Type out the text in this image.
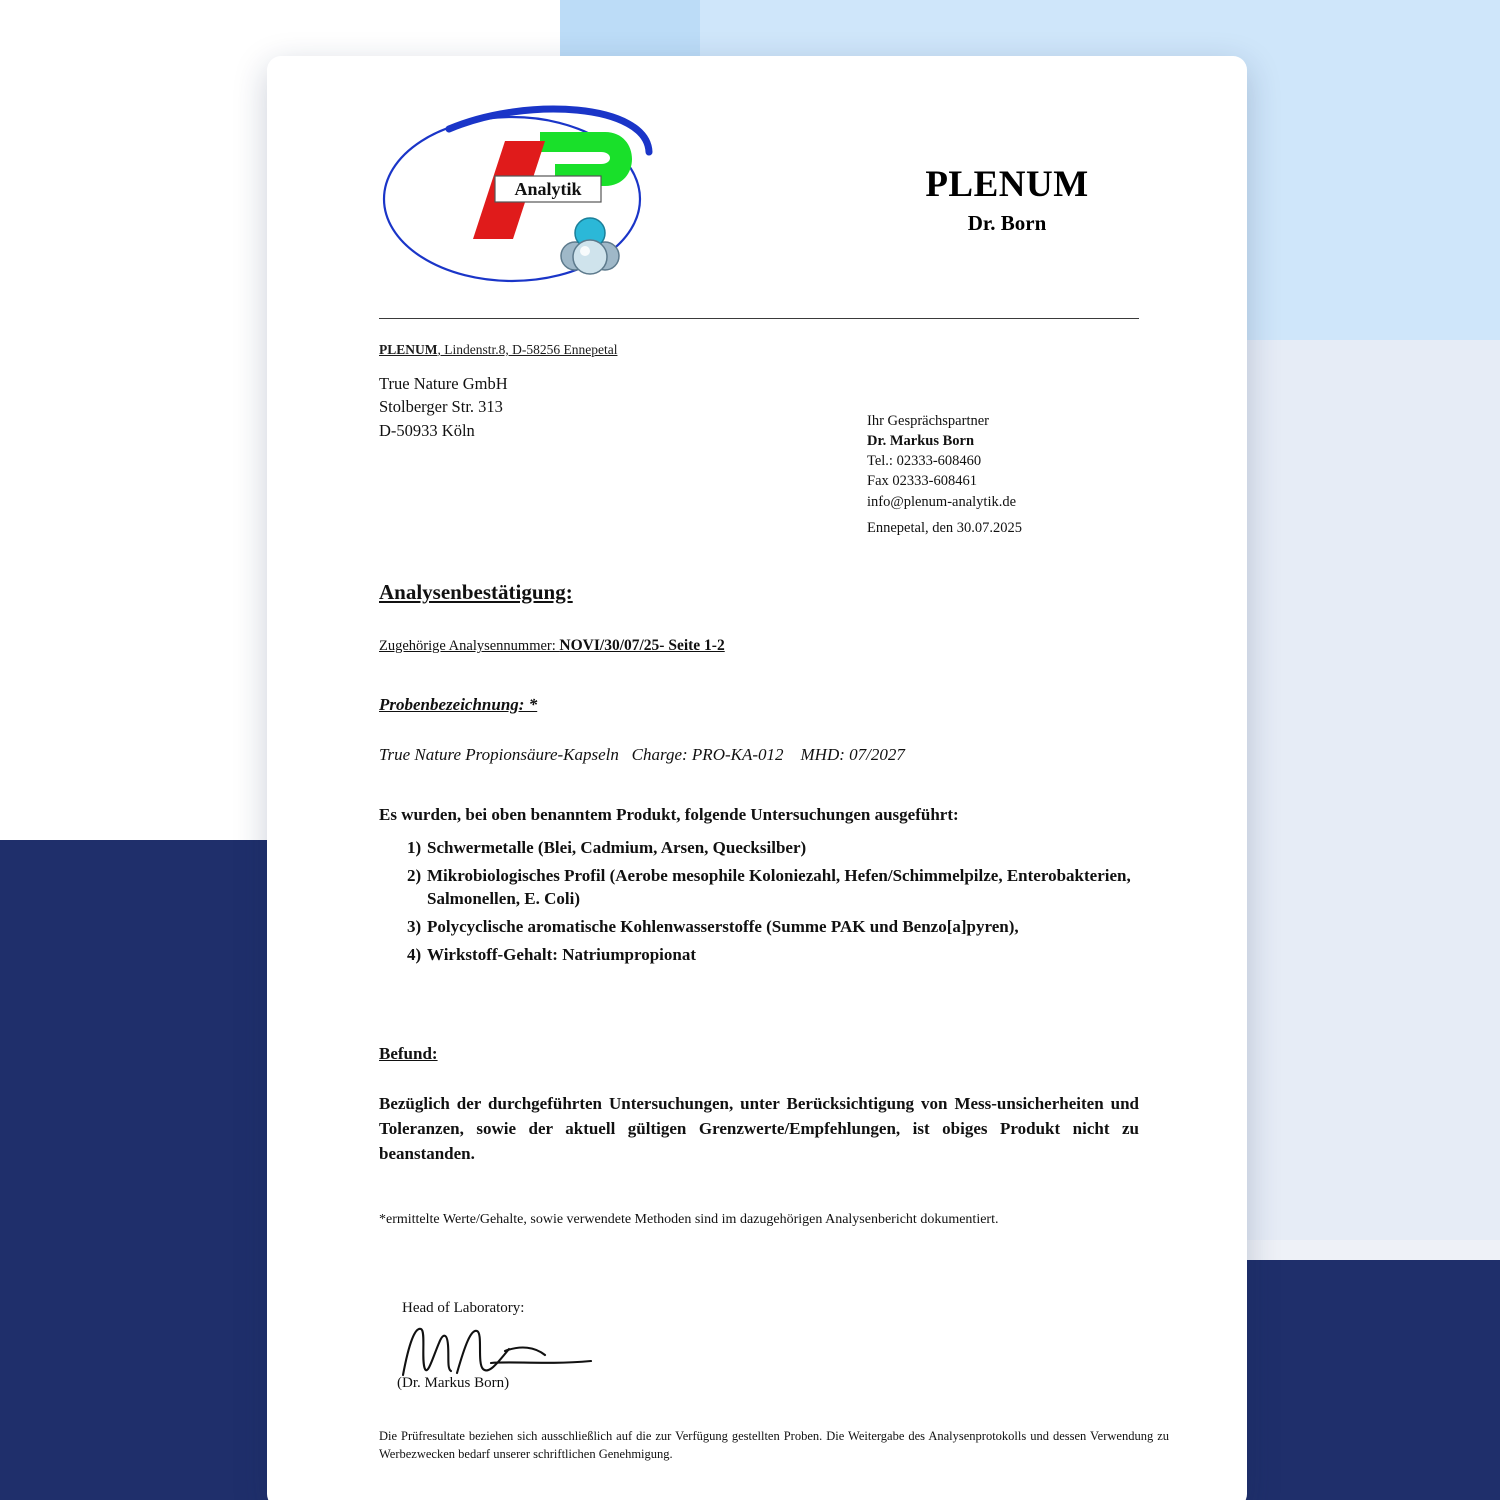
Analytik	PLENUM
Dr. Born
PLENUM, Lindenstr.8, D-58256 Ennepetal
True Nature GmbH
Stolberger Str. 313
D-50933 Köln	Ihr Gesprächspartner
Dr. Markus Born
Tel.: 02333-608460
Fax 02333-608461
info@plenum-analytik.de
Ennepetal, den 30.07.2025
Analysenbestätigung:
Zugehörige Analysennummer: NOVI/30/07/25- Seite 1-2
Probenbezeichnung: *
True Nature Propionsäure-Kapseln   Charge: PRO-KA-012    MHD: 07/2027
Es wurden, bei oben benanntem Produkt, folgende Untersuchungen ausgeführt:
1) Schwermetalle (Blei, Cadmium, Arsen, Quecksilber)
2) Mikrobiologisches Profil (Aerobe mesophile Koloniezahl, Hefen/Schimmelpilze, Enterobakterien, Salmonellen, E. Coli)
3) Polycyclische aromatische Kohlenwasserstoffe (Summe PAK und Benzo[a]pyren),
4) Wirkstoff-Gehalt: Natriumpropionat
Befund:
Bezüglich der durchgeführten Untersuchungen, unter Berücksichtigung von Mess-unsicherheiten und Toleranzen, sowie der aktuell gültigen Grenzwerte/Empfehlungen, ist obiges Produkt nicht zu beanstanden.
*ermittelte Werte/Gehalte, sowie verwendete Methoden sind im dazugehörigen Analysenbericht dokumentiert.
Head of Laboratory:
(Dr. Markus Born)
Die Prüfresultate beziehen sich ausschließlich auf die zur Verfügung gestellten Proben. Die Weitergabe des Analysenprotokolls und dessen Verwendung zu Werbezwecken bedarf unserer schriftlichen Genehmigung.
